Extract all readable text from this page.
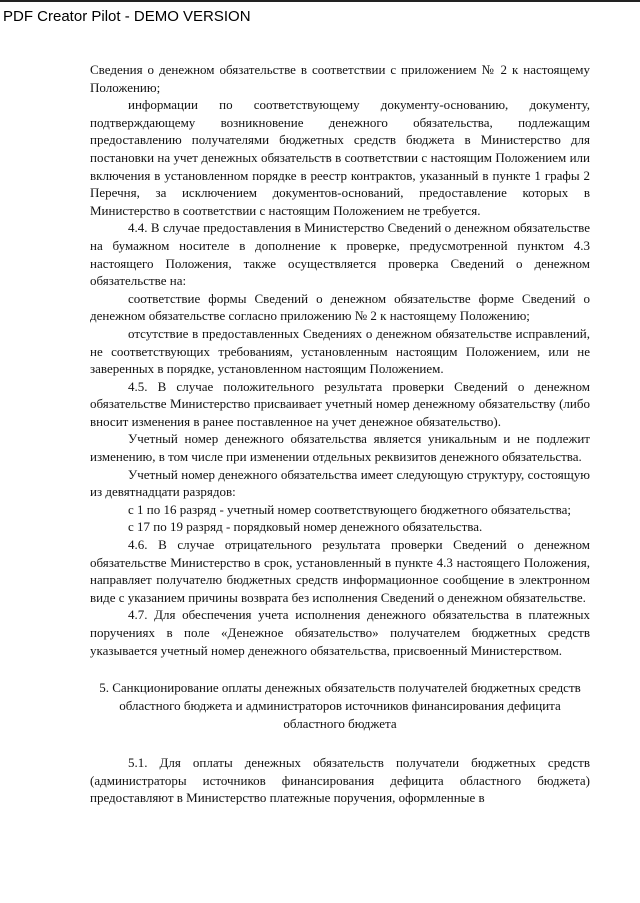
PDF Creator Pilot - DEMO VERSION

Сведения о денежном обязательстве в соответствии с приложением № 2 к настоящему Положению;

информации по соответствующему документу-основанию, документу, подтверждающему возникновение денежного обязательства, подлежащим предоставлению получателями бюджетных средств бюджета в Министерство для постановки на учет денежных обязательств в соответствии с настоящим Положением или включения в установленном порядке в реестр контрактов, указанный в пункте 1 графы 2 Перечня, за исключением документов-оснований, предоставление которых в Министерство в соответствии с настоящим Положением не требуется.

4.4. В случае предоставления в Министерство Сведений о денежном обязательстве на бумажном носителе в дополнение к проверке, предусмотренной пунктом 4.3 настоящего Положения, также осуществляется проверка Сведений о денежном обязательстве на:

соответствие формы Сведений о денежном обязательстве форме Сведений о денежном обязательстве согласно приложению № 2 к настоящему Положению;

отсутствие в предоставленных Сведениях о денежном обязательстве исправлений, не соответствующих требованиям, установленным настоящим Положением, или не заверенных в порядке, установленном настоящим Положением.

4.5. В случае положительного результата проверки Сведений о денежном обязательстве Министерство присваивает учетный номер денежному обязательству (либо вносит изменения в ранее поставленное на учет денежное обязательство).

Учетный номер денежного обязательства является уникальным и не подлежит изменению, в том числе при изменении отдельных реквизитов денежного обязательства.

Учетный номер денежного обязательства имеет следующую структуру, состоящую из девятнадцати разрядов:

с 1 по 16 разряд - учетный номер соответствующего бюджетного обязательства;

с 17 по 19 разряд - порядковый номер денежного обязательства.

4.6. В случае отрицательного результата проверки Сведений о денежном обязательстве Министерство в срок, установленный в пункте 4.3 настоящего Положения, направляет получателю бюджетных средств информационное сообщение в электронном виде с указанием причины возврата без исполнения Сведений о денежном обязательстве.

4.7. Для обеспечения учета исполнения денежного обязательства в платежных поручениях в поле «Денежное обязательство» получателем бюджетных средств указывается учетный номер денежного обязательства, присвоенный Министерством.

5. Санкционирование оплаты денежных обязательств получателей бюджетных средств областного бюджета и администраторов источников финансирования дефицита областного бюджета

5.1. Для оплаты денежных обязательств получатели бюджетных средств (администраторы источников финансирования дефицита областного бюджета) предоставляют в Министерство платежные поручения, оформленные в
